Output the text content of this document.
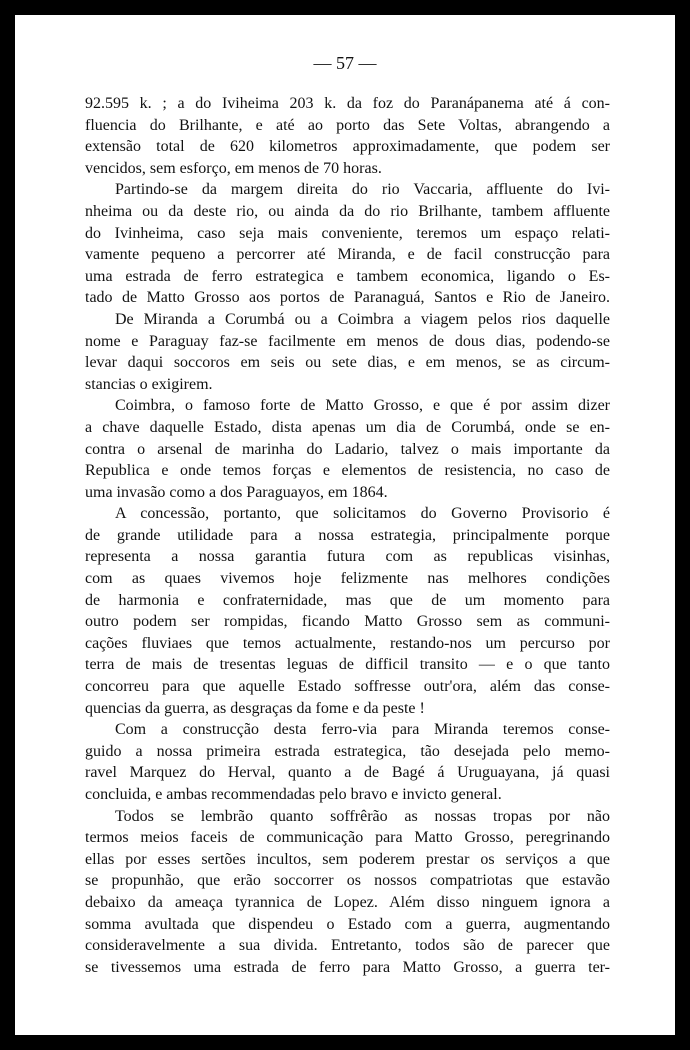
— 57 —
92.595 k. ; a do Iviheima 203 k. da foz do Paranápanema até á con-
fluencia do Brilhante, e até ao porto das Sete Voltas, abrangendo a
extensão total de 620 kilometros approximadamente, que podem ser
vencidos, sem esforço, em menos de 70 horas.
Partindo-se da margem direita do rio Vaccaria, affluente do Ivi-
nheima ou da deste rio, ou ainda da do rio Brilhante, tambem affluente
do Ivinheima, caso seja mais conveniente, teremos um espaço relati-
vamente pequeno a percorrer até Miranda, e de facil construcção para
uma estrada de ferro estrategica e tambem economica, ligando o Es-
tado de Matto Grosso aos portos de Paranaguá, Santos e Rio de Janeiro.
De Miranda a Corumbá ou a Coimbra a viagem pelos rios daquelle
nome e Paraguay faz-se facilmente em menos de dous dias, podendo-se
levar daqui soccoros em seis ou sete dias, e em menos, se as circum-
stancias o exigirem.
Coimbra, o famoso forte de Matto Grosso, e que é por assim dizer
a chave daquelle Estado, dista apenas um dia de Corumbá, onde se en-
contra o arsenal de marinha do Ladario, talvez o mais importante da
Republica e onde temos forças e elementos de resistencia, no caso de
uma invasão como a dos Paraguayos, em 1864.
A concessão, portanto, que solicitamos do Governo Provisorio é
de grande utilidade para a nossa estrategia, principalmente porque
representa a nossa garantia futura com as republicas visinhas,
com as quaes vivemos hoje felizmente nas melhores condições
de harmonia e confraternidade, mas que de um momento para
outro podem ser rompidas, ficando Matto Grosso sem as communi-
cações fluviaes que temos actualmente, restando-nos um percurso por
terra de mais de tresentas leguas de difficil transito — e o que tanto
concorreu para que aquelle Estado soffresse outr'ora, além das conse-
quencias da guerra, as desgraças da fome e da peste !
Com a construcção desta ferro-via para Miranda teremos conse-
guido a nossa primeira estrada estrategica, tão desejada pelo memo-
ravel Marquez do Herval, quanto a de Bagé á Uruguayana, já quasi
concluida, e ambas recommendadas pelo bravo e invicto general.
Todos se lembrão quanto soffrêrão as nossas tropas por não
termos meios faceis de communicação para Matto Grosso, peregrinando
ellas por esses sertões incultos, sem poderem prestar os serviços a que
se propunhão, que erão soccorrer os nossos compatriotas que estavão
debaixo da ameaça tyrannica de Lopez. Além disso ninguem ignora a
somma avultada que dispendeu o Estado com a guerra, augmentando
consideravelmente a sua divida. Entretanto, todos são de parecer que
se tivessemos uma estrada de ferro para Matto Grosso, a guerra ter-
